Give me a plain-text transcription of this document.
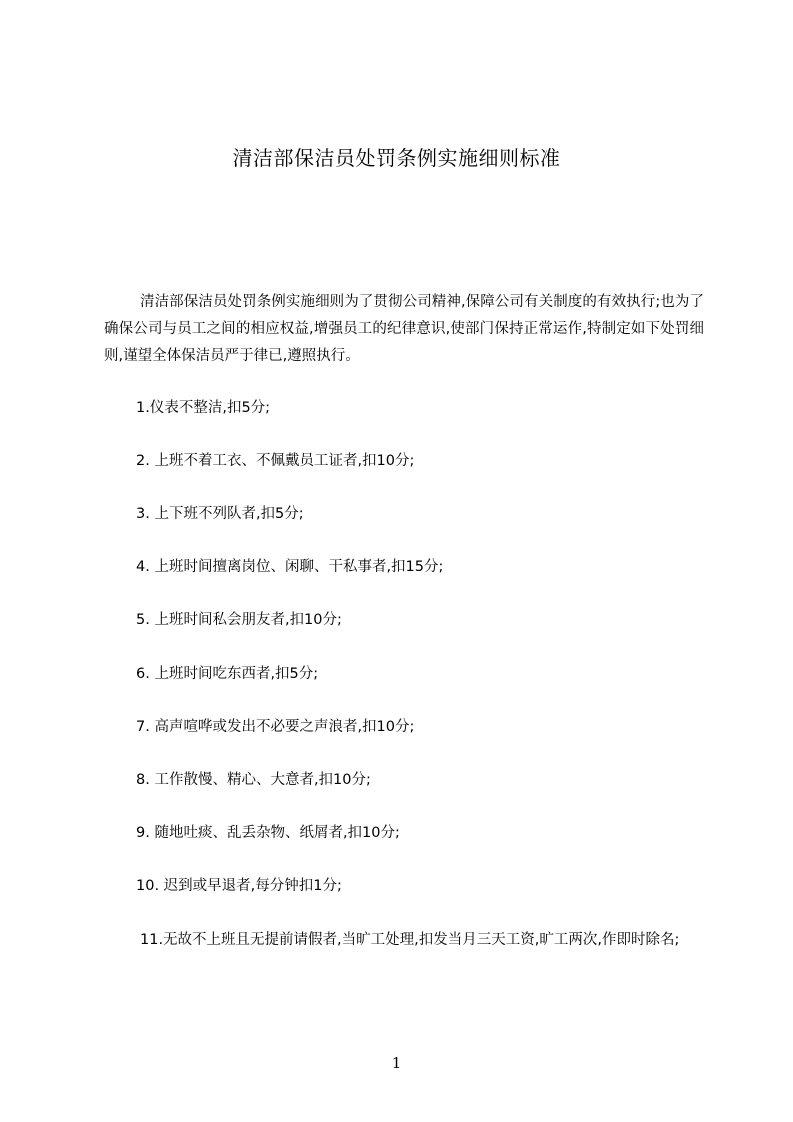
清洁部保洁员处罚条例实施细则标准
清洁部保洁员处罚条例实施细则为了贯彻公司精神,保障公司有关制度的有效执行;也为了确保公司与员工之间的相应权益,增强员工的纪律意识,使部门保持正常运作,特制定如下处罚细则,谨望全体保洁员严于律已,遵照执行。
1.仪表不整洁,扣5分;
2. 上班不着工衣、不佩戴员工证者,扣10分;
3. 上下班不列队者,扣5分;
4. 上班时间擅离岗位、闲聊、干私事者,扣15分;
5. 上班时间私会朋友者,扣10分;
6. 上班时间吃东西者,扣5分;
7. 高声喧哗或发出不必要之声浪者,扣10分;
8. 工作散慢、精心、大意者,扣10分;
9. 随地吐痰、乱丢杂物、纸屑者,扣10分;
10. 迟到或早退者,每分钟扣1分;
11.无故不上班且无提前请假者,当旷工处理,扣发当月三天工资,旷工两次,作即时除名;
1
